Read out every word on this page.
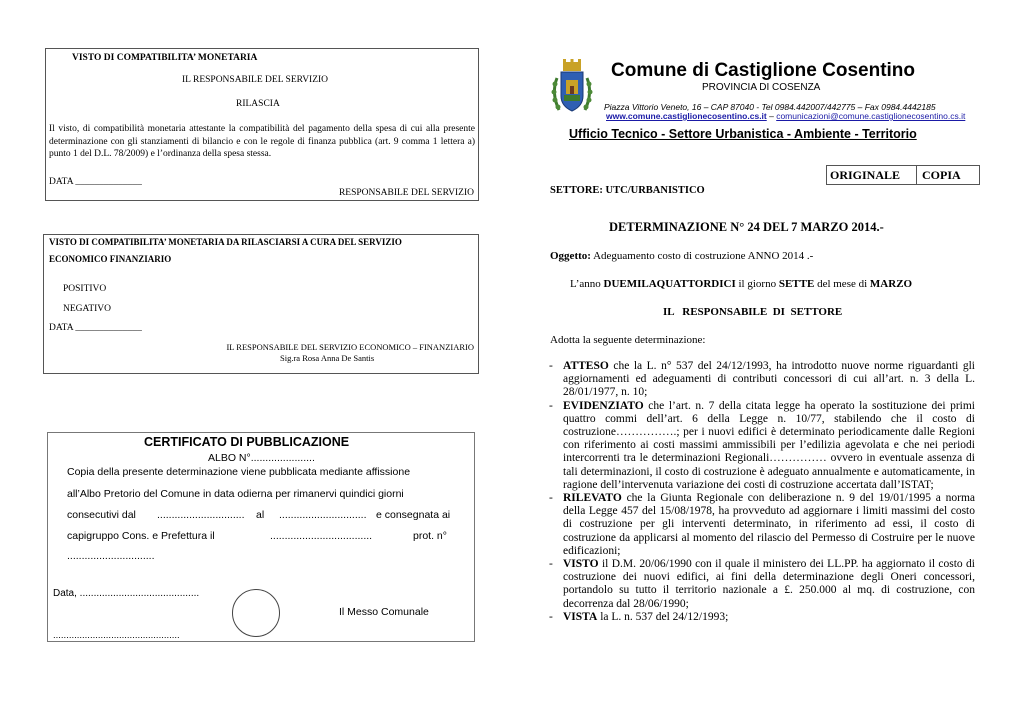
VISTO DI COMPATIBILITA’ MONETARIA
IL RESPONSABILE DEL SERVIZIO
RILASCIA
Il visto, di compatibilità monetaria attestante la compatibilità del pagamento della spesa di cui alla presente determinazione con gli stanziamenti di bilancio e con le regole di finanza pubblica (art. 9 comma 1 lettera a) punto 1 del D.L. 78/2009) e l’ordinanza della spesa stessa.
DATA ______________
RESPONSABILE DEL SERVIZIO
VISTO DI COMPATIBILITA’ MONETARIA DA RILASCIARSI A CURA DEL SERVIZIO
ECONOMICO FINANZIARIO
POSITIVO
NEGATIVO
DATA ______________
IL RESPONSABILE DEL SERVIZIO ECONOMICO – FINANZIARIO
Sig.ra Rosa Anna De Santis
CERTIFICATO DI PUBBLICAZIONE
ALBO N°......................
Copia della presente determinazione viene pubblicata mediante affissione
all’Albo Pretorio del Comune in data odierna per rimanervi quindici giorni
consecutivi dal .............................. al .............................. e consegnata ai
capigruppo Cons. e Prefettura il	...................................	prot. n°
..............................
Data, ...........................................
Il Messo Comunale
................................................
Comune di Castiglione Cosentino
PROVINCIA DI COSENZA
Piazza Vittorio Veneto, 16 – CAP 87040 - Tel 0984.442007/442775 – Fax 0984.4442185
www.comune.castiglionecosentino.cs.it – comunicazioni@comune.castiglionecosentino.cs.it
Ufficio Tecnico - Settore Urbanistica - Ambiente - Territorio
ORIGINALE	COPIA
SETTORE: UTC/URBANISTICO
DETERMINAZIONE N° 24 DEL 7 MARZO 2014.-
Oggetto: Adeguamento costo di costruzione ANNO 2014 .-
L’anno DUEMILAQUATTORDICI il giorno SETTE del mese di MARZO
IL   RESPONSABILE  DI  SETTORE
Adotta la seguente determinazione:
- ATTESO che la L. n° 537 del 24/12/1993, ha introdotto nuove norme riguardanti gli aggiornamenti ed adeguamenti di contributi concessori di cui all’art. n. 3 della L. 28/01/1977, n. 10;

- EVIDENZIATO che l’art. n. 7 della citata legge ha operato la sostituzione dei primi quattro commi dell’art. 6 della Legge n. 10/77, stabilendo che il costo di costruzione…………….; per i nuovi edifici è determinato periodicamente dalle Regioni con riferimento ai costi massimi ammissibili per l’edilizia agevolata e che nei periodi intercorrenti tra le determinazioni Regionali…………… ovvero in eventuale assenza di tali determinazioni, il costo di costruzione è adeguato annualmente e automaticamente, in ragione dell’intervenuta variazione dei costi di costruzione accertata dall’ISTAT;

- RILEVATO che la Giunta Regionale con deliberazione n. 9 del 19/01/1995 a norma della Legge 457 del 15/08/1978, ha provveduto ad aggiornare i limiti massimi del costo di costruzione per gli interventi determinato, in riferimento ad essi, il costo di costruzione da applicarsi al momento del rilascio del Permesso di Costruire per le nuove edificazioni;

- VISTO il D.M. 20/06/1990 con il quale il ministero dei LL.PP. ha aggiornato il costo di costruzione dei nuovi edifici, ai fini della determinazione degli Oneri concessori, portandolo su tutto il territorio nazionale a £. 250.000 al mq. di costruzione, con decorrenza dal 28/06/1990;

- VISTA la L. n. 537 del 24/12/1993;
